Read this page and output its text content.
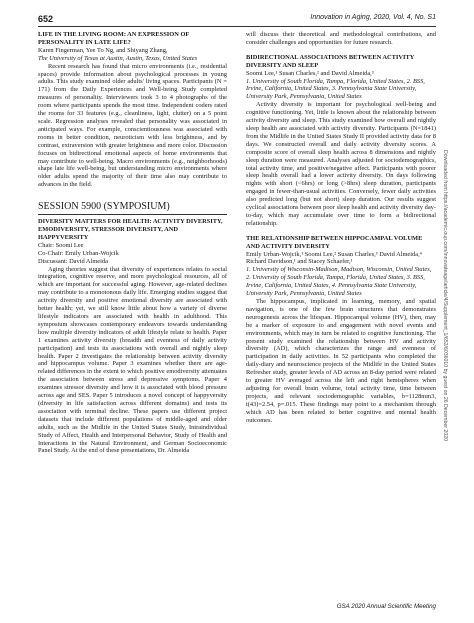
652	Innovation in Aging, 2020, Vol. 4, No. S1

LIFE IN THE LIVING ROOM: AN EXPRESSION OF PERSONALITY IN LATE LIFE?

Karen Fingerman, Yee To Ng, and Shiyang Zhang,

The University of Texas at Austin, Austin, Texas, United States

Recent research has found that micro environments (i.e., residential spaces) provide information about psychological processes in young adults. This study examined older adults' living spaces. Participants (N = 171) from the Daily Experiences and Well-being Study completed measures of personality. Interviewers took 3 to 4 photographs of the room where participants spends the most time. Independent coders rated the rooms for 33 features (e.g., cleanliness, light, clutter) on a 5 point scale. Regression analyses revealed that personality was associated in anticipated ways. For example, conscientiousness was associated with rooms in better condition, neuroticism with less brightness, and by contrast, extraversion with greater brightness and more color. Discussion focuses on bidirectional emotional aspects of home environments that may contribute to well-being. Macro environments (e.g., neighborhoods) shape late life well-being, but understanding micro environments where older adults spend the majority of their time also may contribute to advances in the field.

SESSION 5900 (SYMPOSIUM)

DIVERSITY MATTERS FOR HEALTH: ACTIVITY DIVERSITY, EMODIVERSITY, STRESSOR DIVERSITY, AND HAPPYVERSITY

Chair: Soomi Lee

Co-Chair: Emily Urban-Wojcik

Discussant: David Almeida

Aging theories suggest that diversity of experiences relates to social integration, cognitive reserve, and more psychological resources, all of which are important for successful aging. However, age-related declines may contribute to a monotonous daily life. Emerging studies suggest that activity diversity and positive emotional diversity are associated with better health; yet, we still know little about how a variety of diverse lifestyle indicators are associated with health in adulthood. This symposium showcases contemporary endeavors towards understanding how multiple diversity indicators of adult lifestyle relate to health. Paper 1 examines activity diversity (breadth and evenness of daily activity participation) and tests its associations with overall and nightly sleep health. Paper 2 investigates the relationship between activity diversity and hippocampus volume. Paper 3 examines whether there are age-related differences in the extent to which positive emodiversity attenuates the association between stress and depressive symptoms. Paper 4 examines stressor diversity and how it is associated with blood pressure across age and SES. Paper 5 introduces a novel concept of happyversity (diversity in life satisfaction across different domains) and tests its association with terminal decline. These papers use different project datasets that include different populations of middle-aged and older adults, such as the Midlife in the United States Study, Intraindividual Study of Affect, Health and Interpersonal Behavior, Study of Health and Interactions in the Natural Environment, and German Socioeconomic Panel Study. At the end of these presentations, Dr. Almeida

will discuss their theoretical and methodological contributions, and consider challenges and opportunities for future research.

BIDIRECTIONAL ASSOCIATIONS BETWEEN ACTIVITY DIVERSITY AND SLEEP

Soomi Lee,¹ Susan Charles,² and David Almeida,³

1. University of South Florida, Tampa, Florida, United States, 2. BSS, Irvine, California, United States, 3. Pennsylvania State University, University Park, Pennsylvania, United States

Activity diversity is important for psychological well-being and cognitive functioning. Yet, little is known about the relationship between activity diversity and sleep. This study examined how overall and nightly sleep health are associated with activity diversity. Participants (N=1841) from the Midlife in the United States Study II provided activity data for 8 days. We constructed overall and daily activity diversity scores. A composite score of overall sleep health across 8 dimensions and nightly sleep duration were measured. Analyses adjusted for sociodemographics, total activity time, and positive/negative affect. Participants with poorer sleep health overall had a lower activity diversity. On days following nights with short (<6hrs) or long (>8hrs) sleep duration, participants engaged in fewer-than-usual activities. Conversely, fewer daily activities also predicted long (but not short) sleep duration. Our results suggest cyclical associations between poor sleep health and activity diversity day-to-day, which may accumulate over time to form a bidirectional relationship.

THE RELATIONSHIP BETWEEN HIPPOCAMPAL VOLUME AND ACTIVITY DIVERSITY

Emily Urban-Wojcik,¹ Soomi Lee,² Susan Charles,³ David Almeida,⁴ Richard Davidson,¹ and Stacey Schaefer,¹

1. University of Wisconsin-Madison, Madison, Wisconsin, United States, 2. University of South Florida, Tampa, Florida, United States, 3. BSS, Irvine, California, United States, 4. Pennsylvania State University, University Park, Pennsylvania, United States

The hippocampus, implicated in learning, memory, and spatial navigation, is one of the few brain structures that demonstrates neurogenesis across the lifespan. Hippocampal volume (HV), then, may be a marker of exposure to and engagement with novel events and environments, which may in turn be related to cognitive functioning. The present study examined the relationship between HV and activity diversity (AD), which characterizes the range and evenness of participation in daily activities. In 52 participants who completed the daily-diary and neuroscience projects of the Midlife in the United States Refresher study, greater levels of AD across an 8-day period were related to greater HV averaged across the left and right hemispheres when adjusting for overall brain volume, total activity time, time between projects, and relevant sociodemographic variables, b=1128mm3, t(43)=2.54, p=.015. These findings may point to a mechanism through which AD has been related to better cognitive and mental health outcomes.	Downloaded from https://academic.oup.com/innovateage/article/4/Supplement_1/652/6036010 by guest on 26 December 2020
GSA 2020 Annual Scientific Meeting
